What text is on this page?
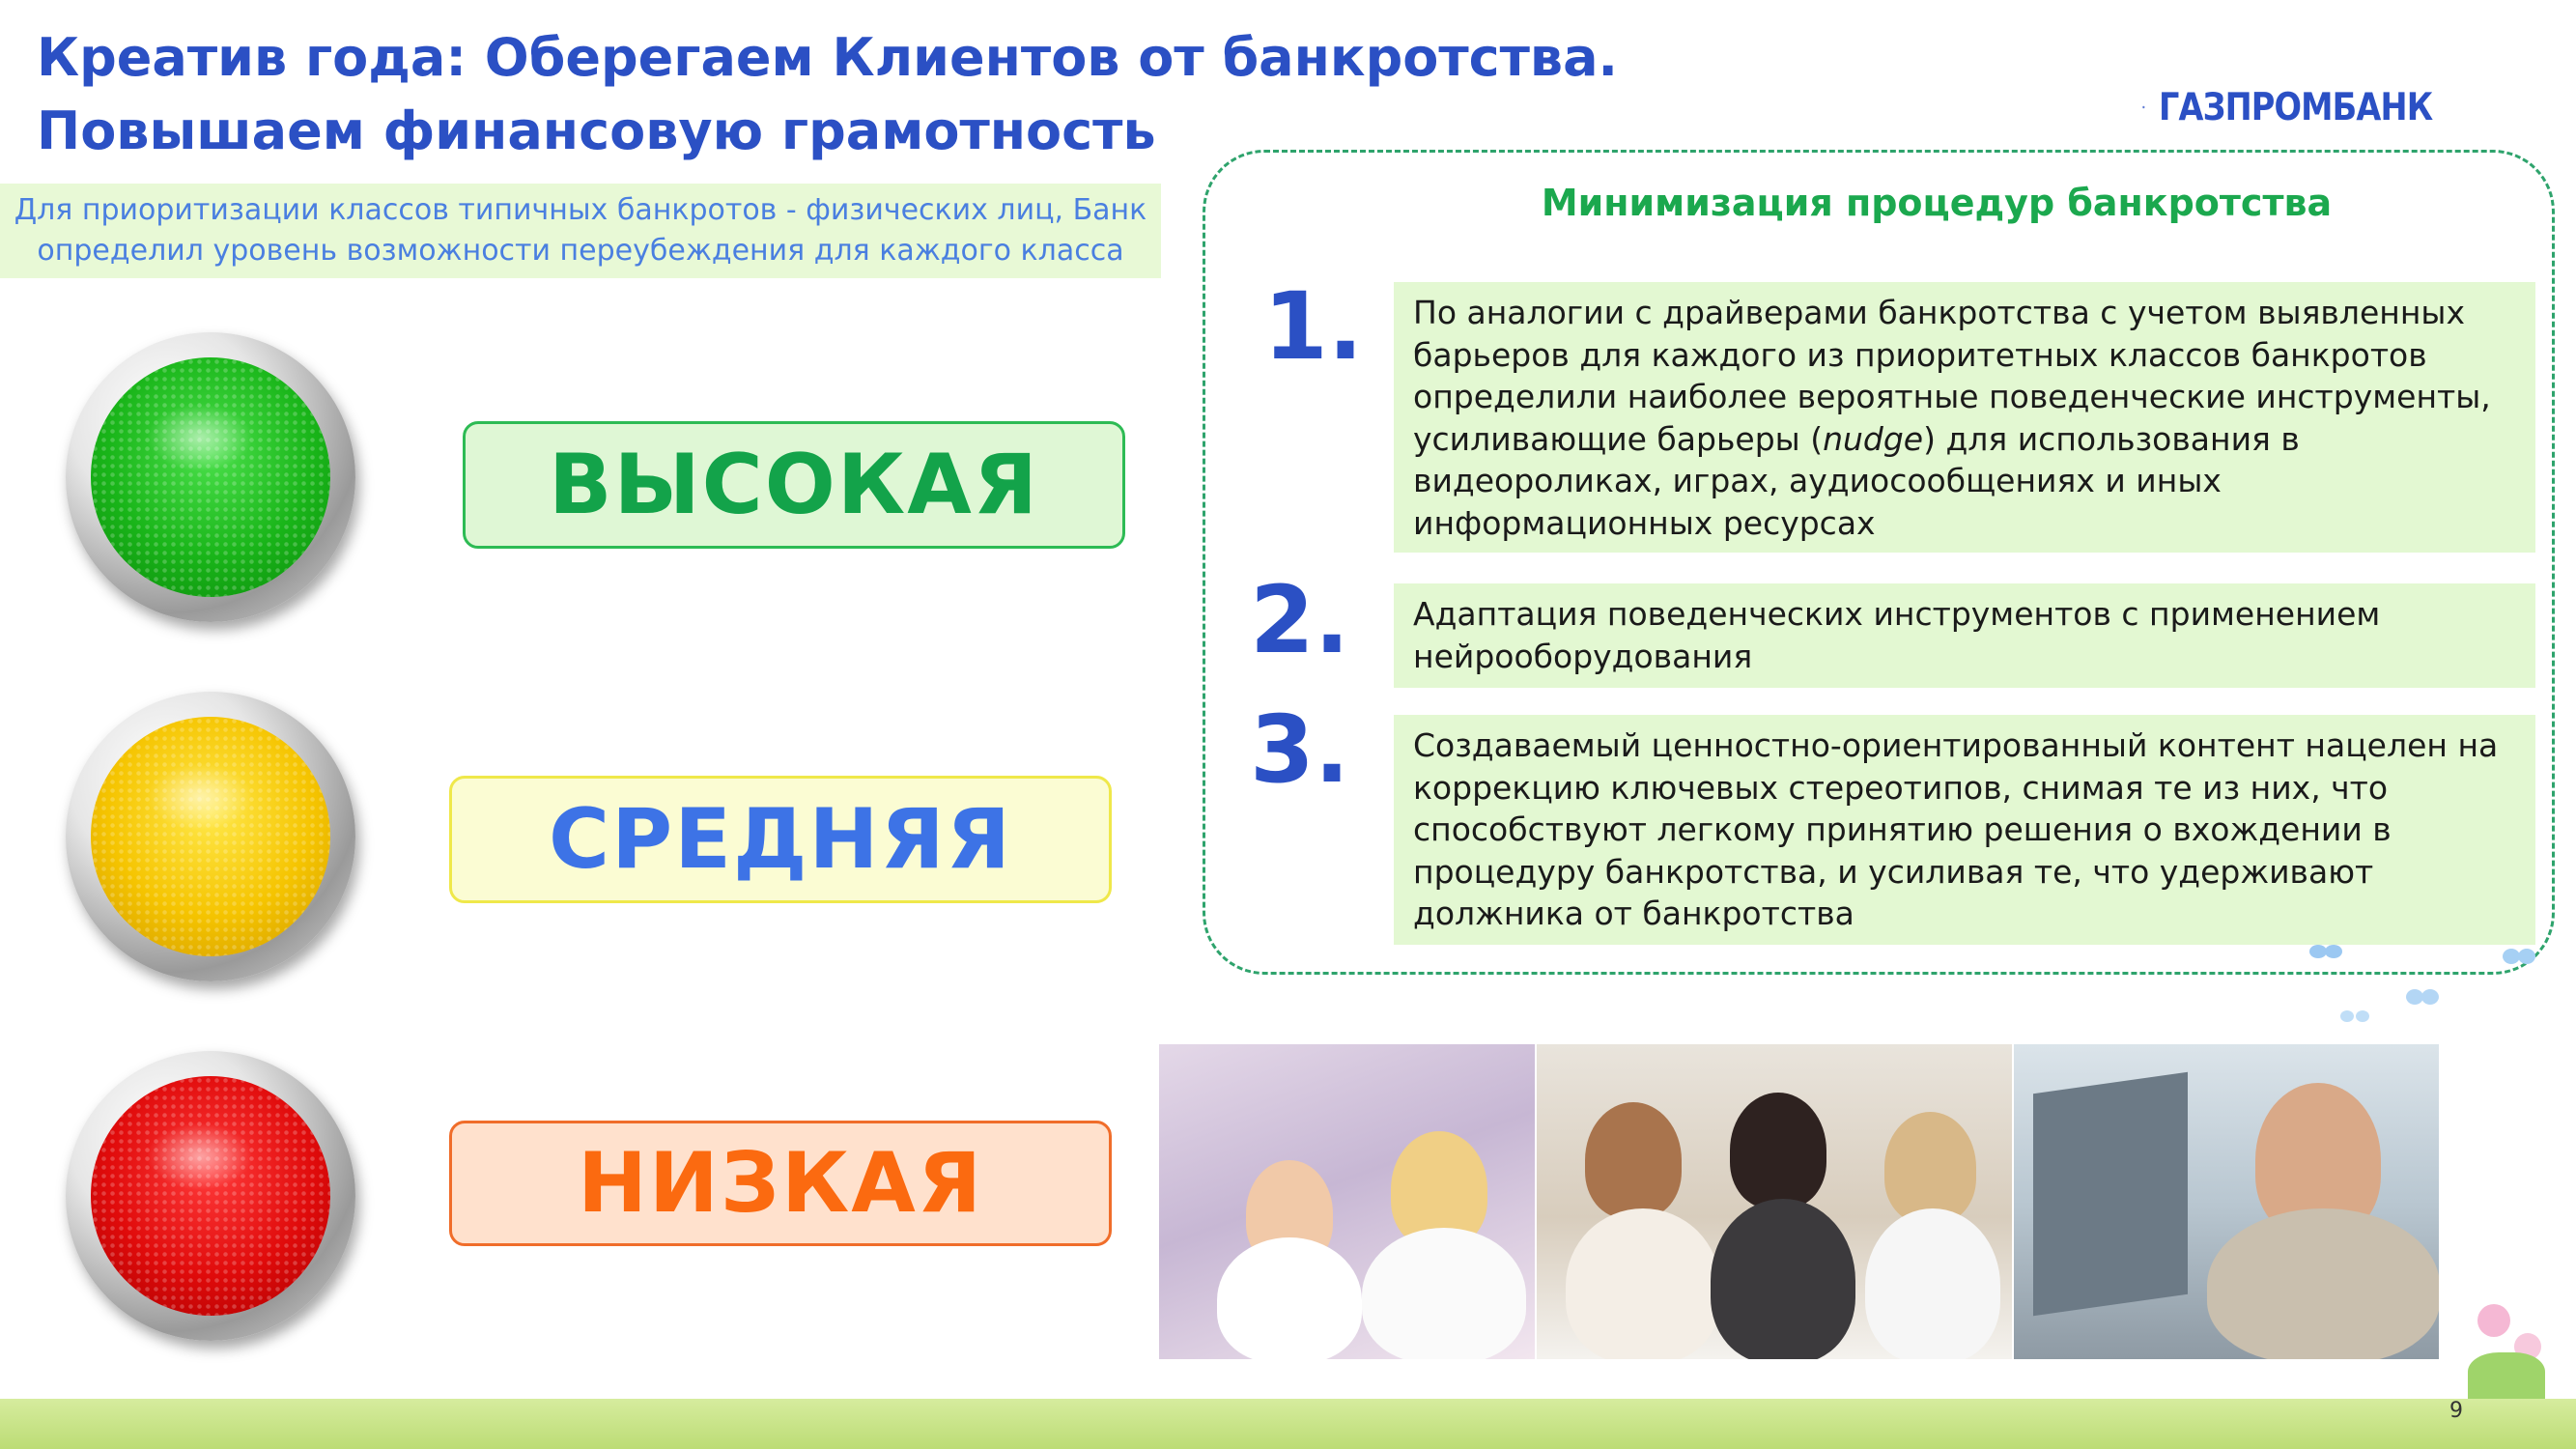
Креатив года: Оберегаем Клиентов от банкротства. Повышаем финансовую грамотность	ГАЗПРОМБАНК
Для приоритизации классов типичных банкротов - физических лиц, Банк определил уровень возможности переубеждения для каждого класса
ВЫСОКАЯ
СРЕДНЯЯ
НИЗКАЯ
Минимизация процедур банкротства
1.	По аналогии с драйверами банкротства с учетом выявленных барьеров для каждого из приоритетных классов банкротов определили наиболее вероятные поведенческие инструменты, усиливающие барьеры (nudge) для использования в видеороликах, играх, аудиосообщениях и иных информационных ресурсах
2.	Адаптация поведенческих инструментов с применением нейрооборудования
3.	Создаваемый ценностно-ориентированный контент нацелен на коррекцию ключевых стереотипов, снимая те из них, что способствуют легкому принятию решения о вхождении в процедуру банкротства, и усиливая те, что удерживают должника от банкротства
9
